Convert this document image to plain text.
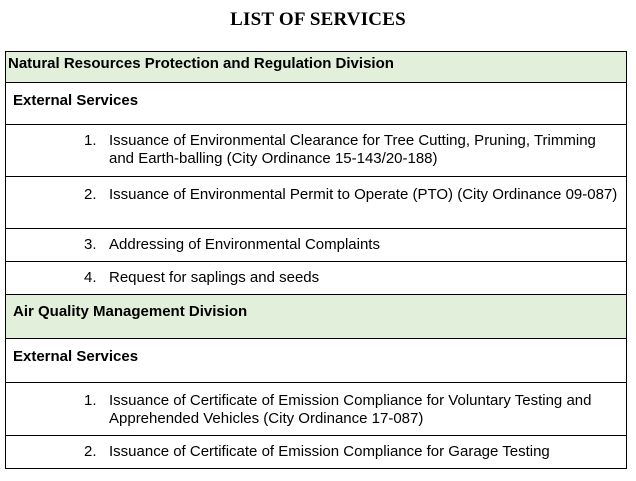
LIST OF SERVICES
Natural Resources Protection and Regulation Division
External Services
1. Issuance of Environmental Clearance for Tree Cutting, Pruning, Trimming and Earth-balling (City Ordinance 15-143/20-188)
2. Issuance of Environmental Permit to Operate (PTO) (City Ordinance 09-087)
3. Addressing of Environmental Complaints
4. Request for saplings and seeds
Air Quality Management Division
External Services
1. Issuance of Certificate of Emission Compliance for Voluntary Testing and Apprehended Vehicles (City Ordinance 17-087)
2. Issuance of Certificate of Emission Compliance for Garage Testing
